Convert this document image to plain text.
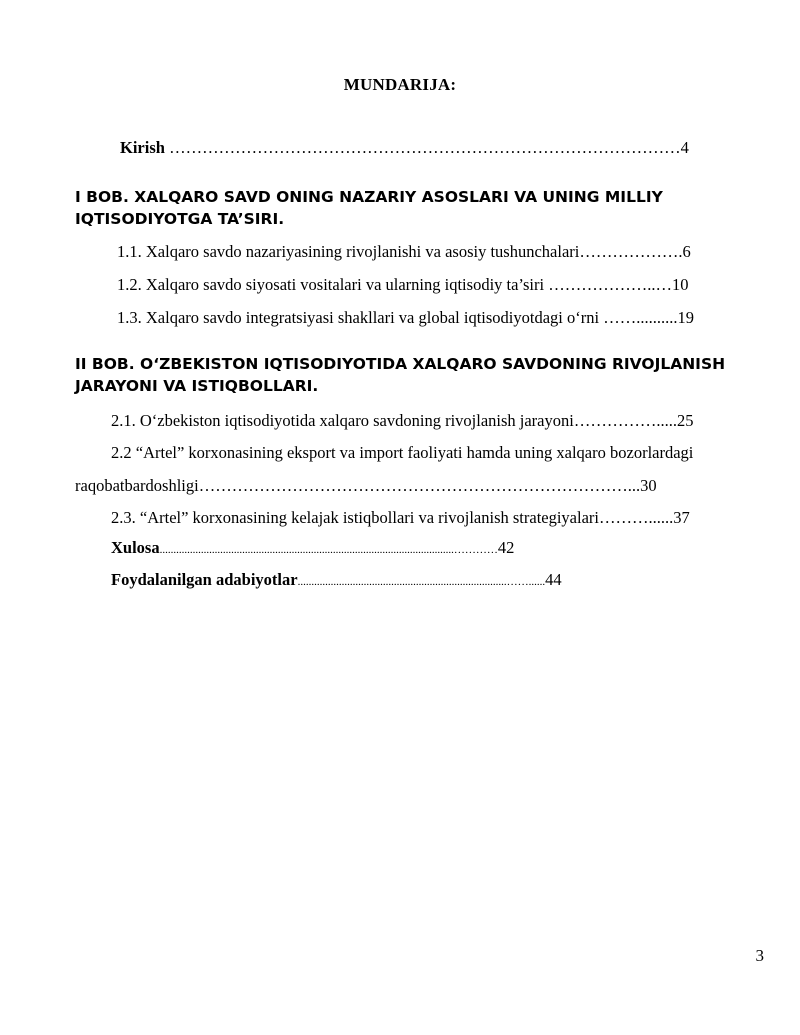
MUNDARIJA:
Kirish …………………………………………………………………………………4
I BOB. XALQARO SAVD ONING NAZARIY ASOSLARI VA UNING MILLIY IQTISODIYOTGA TA’SIRI.
1.1. Xalqaro savdo nazariyasining rivojlanishi va asosiy tushunchalari……………….6
1.2. Xalqaro savdo siyosati vositalari va ularning iqtisodiy ta’siri ………………..…10
1.3. Xalqaro savdo integratsiyasi shakllari va global iqtisodiyotdagi o‘rni ……..........19
II BOB. O‘ZBEKISTON IQTISODIYOTIDA XALQARO SAVDONING RIVOJLANISH JARAYONI VA ISTIQBOLLARI.
2.1. O‘zbekiston iqtisodiyotida xalqaro savdoning rivojlanish jarayoni…………….....25
2.2 “Artel” korxonasining eksport va import faoliyati hamda uning xalqaro bozorlardagi
raqobatbardoshligi……………………………………………………………………...30
2.3. “Artel” korxonasining kelajak istiqbollari va rivojlanish strategiyalari………......37
Xulosa...........................................................................................................…………42
Foydalanilgan adabiyotlar............................................................................……......44
3
